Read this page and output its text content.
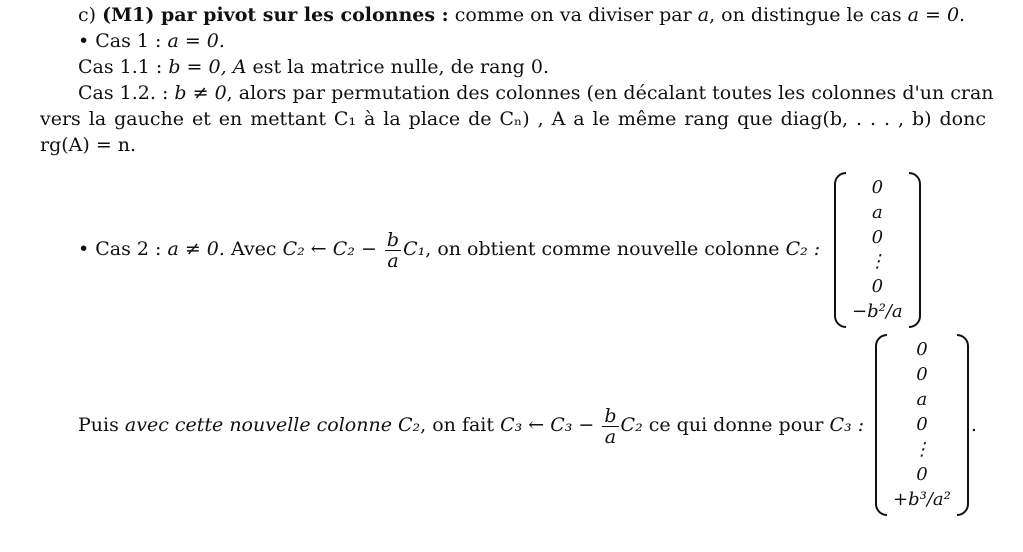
c) (M1) par pivot sur les colonnes : comme on va diviser par a, on distingue le cas a = 0.
• Cas 1 : a = 0.
Cas 1.1 : b = 0, A est la matrice nulle, de rang 0.
Cas 1.2. : b ≠ 0, alors par permutation des colonnes (en décalant toutes les colonnes d'un cran
vers la gauche et en mettant C₁ à la place de Cₙ) , A a le même rang que diag(b, . . . , b) donc
rg(A) = n.
• Cas 2 : a ≠ 0. Avec C₂ ← $C_2 - \frac{b}{a} C_1$, on obtient comme nouvelle colonne C₂ :
0
a
0
⋮
0
−b²/a
Puis avec cette nouvelle colonne C₂, on fait C₃ ← $C_3 - \frac{b}{a} C_2$ ce qui donne pour C₃ :
0
0
a
0
⋮
0
+b³/a²
.
